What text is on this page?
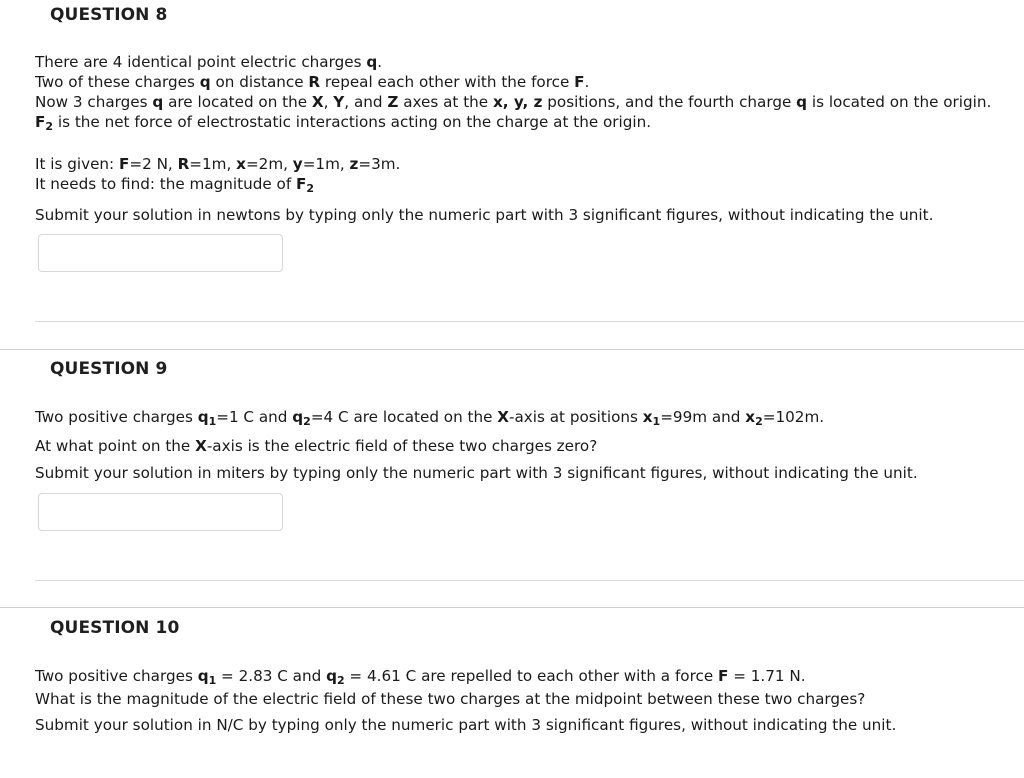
QUESTION 8
There are 4 identical point electric charges q.
Two of these charges q on distance R repeal each other with the force F.
Now 3 charges q are located on the X, Y, and Z axes at the x, y, z positions, and the fourth charge q is located on the origin.
$F_2$ is the net force of electrostatic interactions acting on the charge at the origin.
It is given: F=2 N, R=1m, x=2m, y=1m, z=3m.
It needs to find: the magnitude of $F_2$
Submit your solution in newtons by typing only the numeric part with 3 significant figures, without indicating the unit.
QUESTION 9
Two positive charges $q_1=1$ C and $q_2=4$ C are located on the X-axis at positions $x_1=99m$ and $x_2=102m$.
At what point on the X-axis is the electric field of these two charges zero?
Submit your solution in miters by typing only the numeric part with 3 significant figures, without indicating the unit.
QUESTION 10
Two positive charges $q_1 = 2.83$ C and $q_2 = 4.61$ C are repelled to each other with a force F = 1.71 N.
What is the magnitude of the electric field of these two charges at the midpoint between these two charges?
Submit your solution in N/C by typing only the numeric part with 3 significant figures, without indicating the unit.
